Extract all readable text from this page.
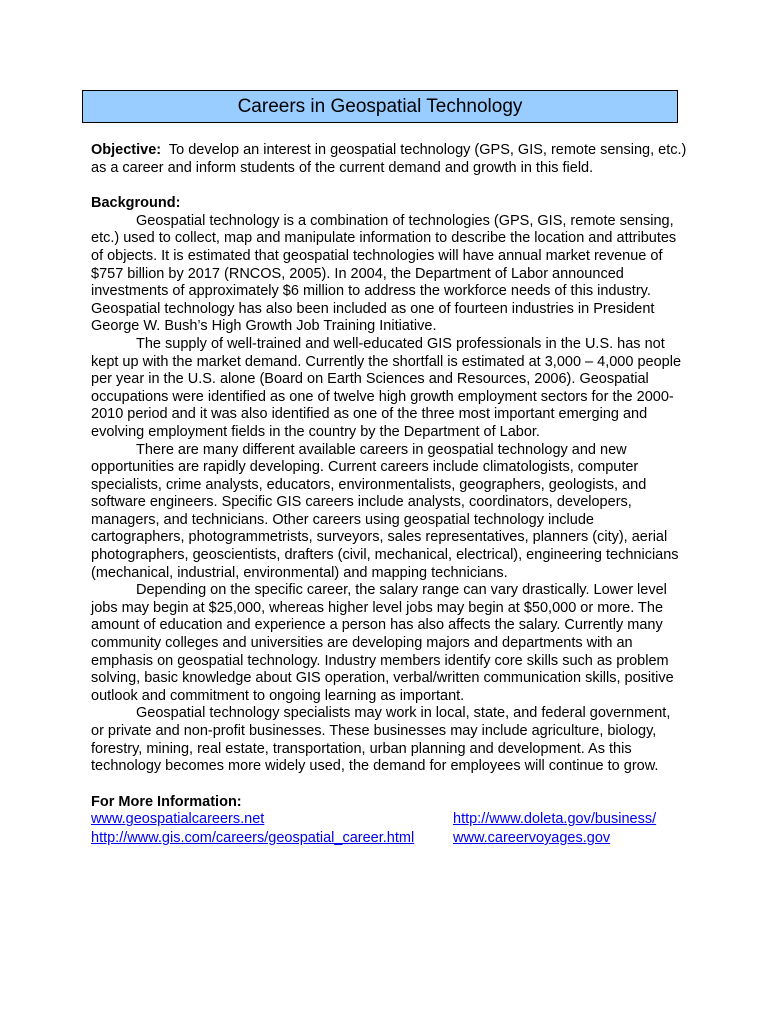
Careers in Geospatial Technology

Objective:  To develop an interest in geospatial technology (GPS, GIS, remote sensing, etc.) as a career and inform students of the current demand and growth in this field.

Background:

Geospatial technology is a combination of technologies (GPS, GIS, remote sensing, etc.) used to collect, map and manipulate information to describe the location and attributes of objects. It is estimated that geospatial technologies will have annual market revenue of $757 billion by 2017 (RNCOS, 2005). In 2004, the Department of Labor announced investments of approximately $6 million to address the workforce needs of this industry. Geospatial technology has also been included as one of fourteen industries in President George W. Bush’s High Growth Job Training Initiative.

The supply of well-trained and well-educated GIS professionals in the U.S. has not kept up with the market demand. Currently the shortfall is estimated at 3,000 – 4,000 people per year in the U.S. alone (Board on Earth Sciences and Resources, 2006). Geospatial occupations were identified as one of twelve high growth employment sectors for the 2000-2010 period and it was also identified as one of the three most important emerging and evolving employment fields in the country by the Department of Labor.

There are many different available careers in geospatial technology and new opportunities are rapidly developing. Current careers include climatologists, computer specialists, crime analysts, educators, environmentalists, geographers, geologists, and software engineers. Specific GIS careers include analysts, coordinators, developers, managers, and technicians. Other careers using geospatial technology include cartographers, photogrammetrists, surveyors, sales representatives, planners (city), aerial photographers, geoscientists, drafters (civil, mechanical, electrical), engineering technicians (mechanical, industrial, environmental) and mapping technicians.

Depending on the specific career, the salary range can vary drastically. Lower level jobs may begin at $25,000, whereas higher level jobs may begin at $50,000 or more. The amount of education and experience a person has also affects the salary. Currently many community colleges and universities are developing majors and departments with an emphasis on geospatial technology. Industry members identify core skills such as problem solving, basic knowledge about GIS operation, verbal/written communication skills, positive outlook and commitment to ongoing learning as important.

Geospatial technology specialists may work in local, state, and federal government, or private and non-profit businesses. These businesses may include agriculture, biology, forestry, mining, real estate, transportation, urban planning and development. As this technology becomes more widely used, the demand for employees will continue to grow.

For More Information:

www.geospatialcareers.net	http://www.doleta.gov/business/
http://www.gis.com/careers/geospatial_career.html	www.careervoyages.gov
